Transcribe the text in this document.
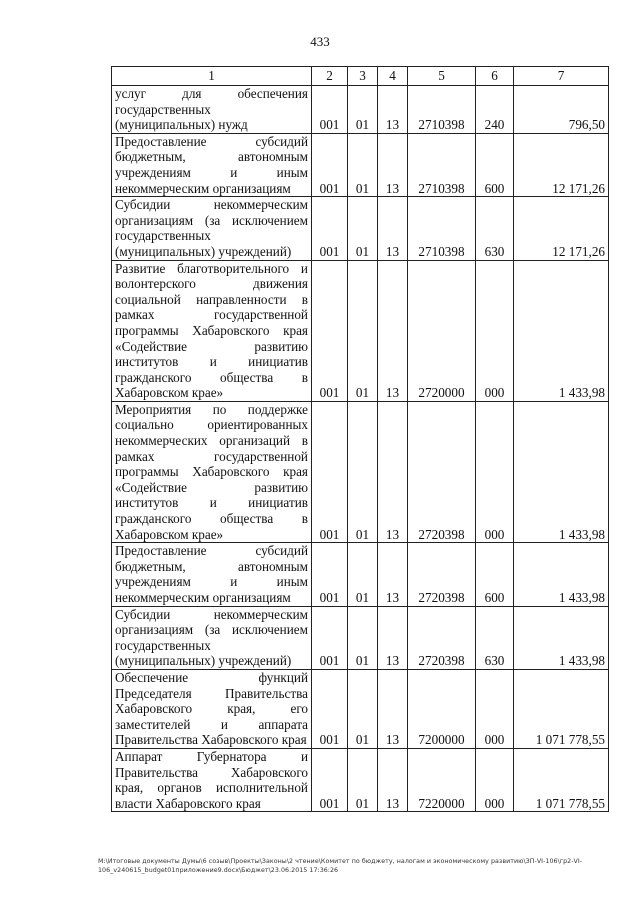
433
1	2	3	4	5	6	7
услуг для обеспечения государственных (муниципальных) нужд	001	01	13	2710398	240	796,50
Предоставление субсидий бюджетным, автономным учреждениям и иным некоммерческим организациям	001	01	13	2710398	600	12 171,26
Субсидии некоммерческим организациям (за исключением государственных (муниципальных) учреждений)	001	01	13	2710398	630	12 171,26
Развитие благотворительного и волонтерского движения социальной направленности в рамках государственной программы Хабаровского края «Содействие развитию институтов и инициатив гражданского общества в Хабаровском крае»	001	01	13	2720000	000	1 433,98
Мероприятия по поддержке социально ориентированных некоммерческих организаций в рамках государственной программы Хабаровского края «Содействие развитию институтов и инициатив гражданского общества в Хабаровском крае»	001	01	13	2720398	000	1 433,98
Предоставление субсидий бюджетным, автономным учреждениям и иным некоммерческим организациям	001	01	13	2720398	600	1 433,98
Субсидии некоммерческим организациям (за исключением государственных (муниципальных) учреждений)	001	01	13	2720398	630	1 433,98
Обеспечение функций Председателя Правительства Хабаровского края, его заместителей и аппарата Правительства Хабаровского края	001	01	13	7200000	000	1 071 778,55
Аппарат Губернатора и Правительства Хабаровского края, органов исполнительной власти Хабаровского края	001	01	13	7220000	000	1 071 778,55
M:\Итоговые документы Думы\6 созыв\Проекты\Законы\2 чтение\Комитет по бюджету, налогам и экономическому развитию\ЗП-VI-106\гр2-VI-106_v240615_budget01приложение9.docx\Бюджет\23.06.2015 17:36:26
